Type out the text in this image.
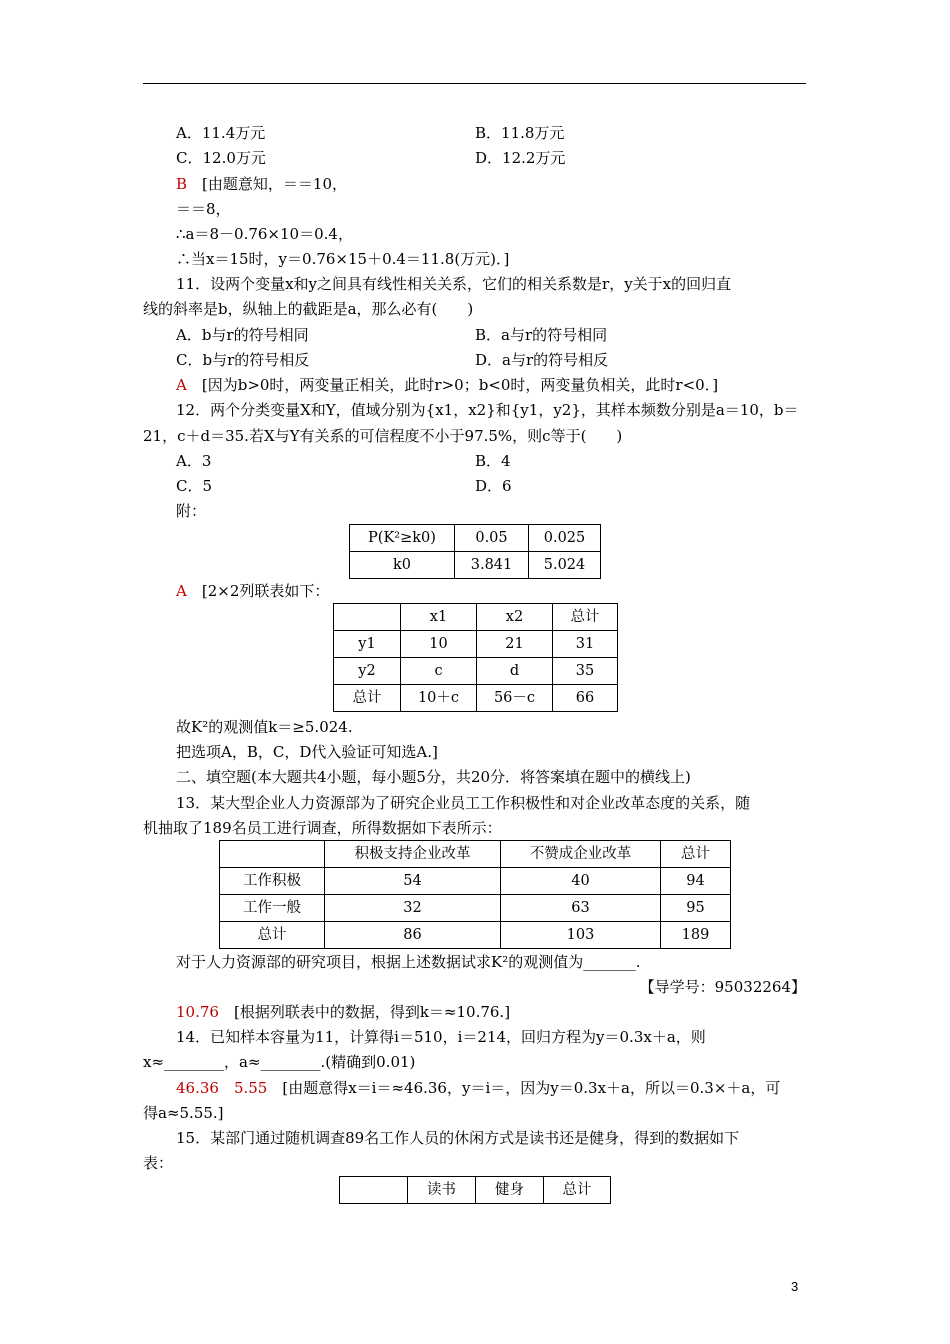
A．11.4万元	B．11.8万元
C．12.0万元	D．12.2万元
B　 [由题意知，＝＝10，
＝＝8，
∴a＝8－0.76×10＝0.4，
∴当x＝15时，y＝0.76×15＋0.4＝11.8(万元)．]
11．设两个变量x和y之间具有线性相关关系，它们的相关系数是r，y关于x的回归直
线的斜率是b，纵轴上的截距是a，那么必有(　　)
A．b与r的符号相同	B．a与r的符号相同
C．b与r的符号相反	D．a与r的符号相反
A　 [因为b>0时，两变量正相关，此时r>0；b<0时，两变量负相关，此时r<0．]
12．两个分类变量X和Y，值域分别为{x1，x2}和{y1，y2}，其样本频数分别是a＝10，b＝
21，c＋d＝35.若X与Y有关系的可信程度不小于97.5%，则c等于(　　)
A．3	B．4
C．5	D．6
附：
P(K²≥k0)	0.05	0.025
k0	3.841	5.024
A　 [2×2列联表如下：
	x1	x2	总计
y1	10	21	31
y2	c	d	35
总计	10＋c	56－c	66
故K²的观测值k＝≥5.024.
把选项A，B，C，D代入验证可知选A.]
二、填空题(本大题共4小题，每小题5分，共20分．将答案填在题中的横线上)
13．某大型企业人力资源部为了研究企业员工工作积极性和对企业改革态度的关系，随
机抽取了189名员工进行调查，所得数据如下表所示：
	积极支持企业改革	不赞成企业改革	总计
工作积极	54	40	94
工作一般	32	63	95
总计	86	103	189
对于人力资源部的研究项目，根据上述数据试求K²的观测值为_______.
【导学号：95032264】
10.76　 [根据列联表中的数据，得到k＝≈10.76.]
14．已知样本容量为11，计算得i＝510，i＝214，回归方程为y＝0.3x＋a，则
x≈________，a≈________.(精确到0.01)
46.36　5.55　 [由题意得x＝i＝≈46.36，y＝i＝，因为y＝0.3x＋a，所以＝0.3×＋a，可
得a≈5.55.]
15．某部门通过随机调查89名工作人员的休闲方式是读书还是健身，得到的数据如下
表：
	读书	健身	总计
3
